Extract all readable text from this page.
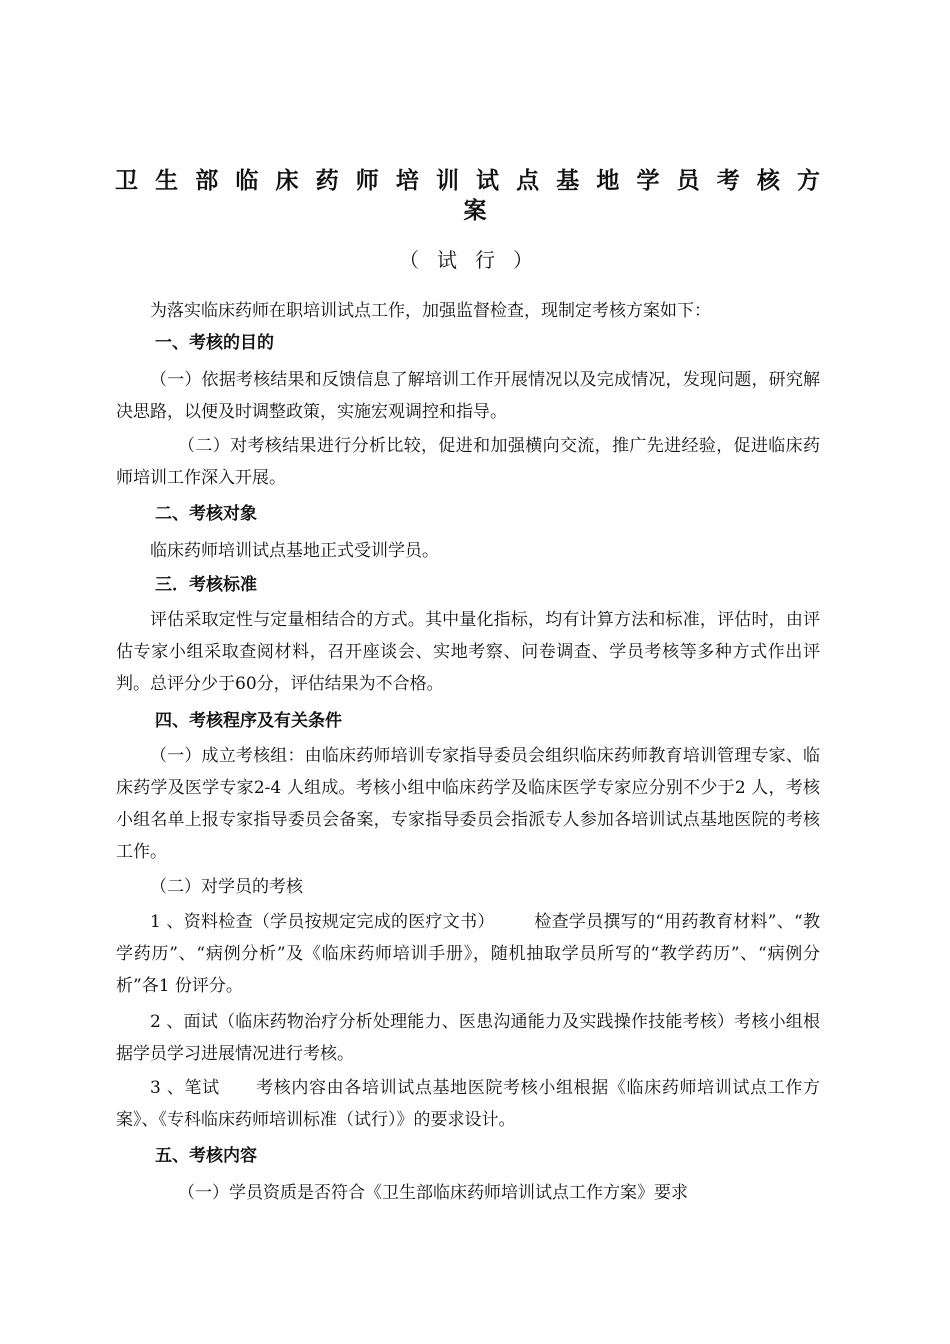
卫生部临床药师培训试点基地学员考核方
案
（试行）
为落实临床药师在职培训试点工作，加强监督检查，现制定考核方案如下：
一、考核的目的
（一）依据考核结果和反馈信息了解培训工作开展情况以及完成情况，发现问题，研究解决思路，以便及时调整政策，实施宏观调控和指导。
（二）对考核结果进行分析比较，促进和加强横向交流，推广先进经验，促进临床药师培训工作深入开展。
二、考核对象
临床药师培训试点基地正式受训学员。
三．考核标准
评估采取定性与定量相结合的方式。其中量化指标，均有计算方法和标准，评估时，由评估专家小组采取查阅材料，召开座谈会、实地考察、问卷调查、学员考核等多种方式作出评判。总评分少于60分，评估结果为不合格。
四、考核程序及有关条件
（一）成立考核组：由临床药师培训专家指导委员会组织临床药师教育培训管理专家、临床药学及医学专家2-4 人组成。考核小组中临床药学及临床医学专家应分别不少于2 人，考核小组名单上报专家指导委员会备案，专家指导委员会指派专人参加各培训试点基地医院的考核工作。
（二）对学员的考核
1 、资料检查（学员按规定完成的医疗文书）       检查学员撰写的“用药教育材料”、“教学药历”、“病例分析”及《临床药师培训手册》，随机抽取学员所写的“教学药历”、“病例分析”各1 份评分。
2 、面试（临床药物治疗分析处理能力、医患沟通能力及实践操作技能考核）考核小组根据学员学习进展情况进行考核。
3 、笔试      考核内容由各培训试点基地医院考核小组根据《临床药师培训试点工作方案》、《专科临床药师培训标准（试行）》的要求设计。
五、考核内容
（一）学员资质是否符合《卫生部临床药师培训试点工作方案》要求
